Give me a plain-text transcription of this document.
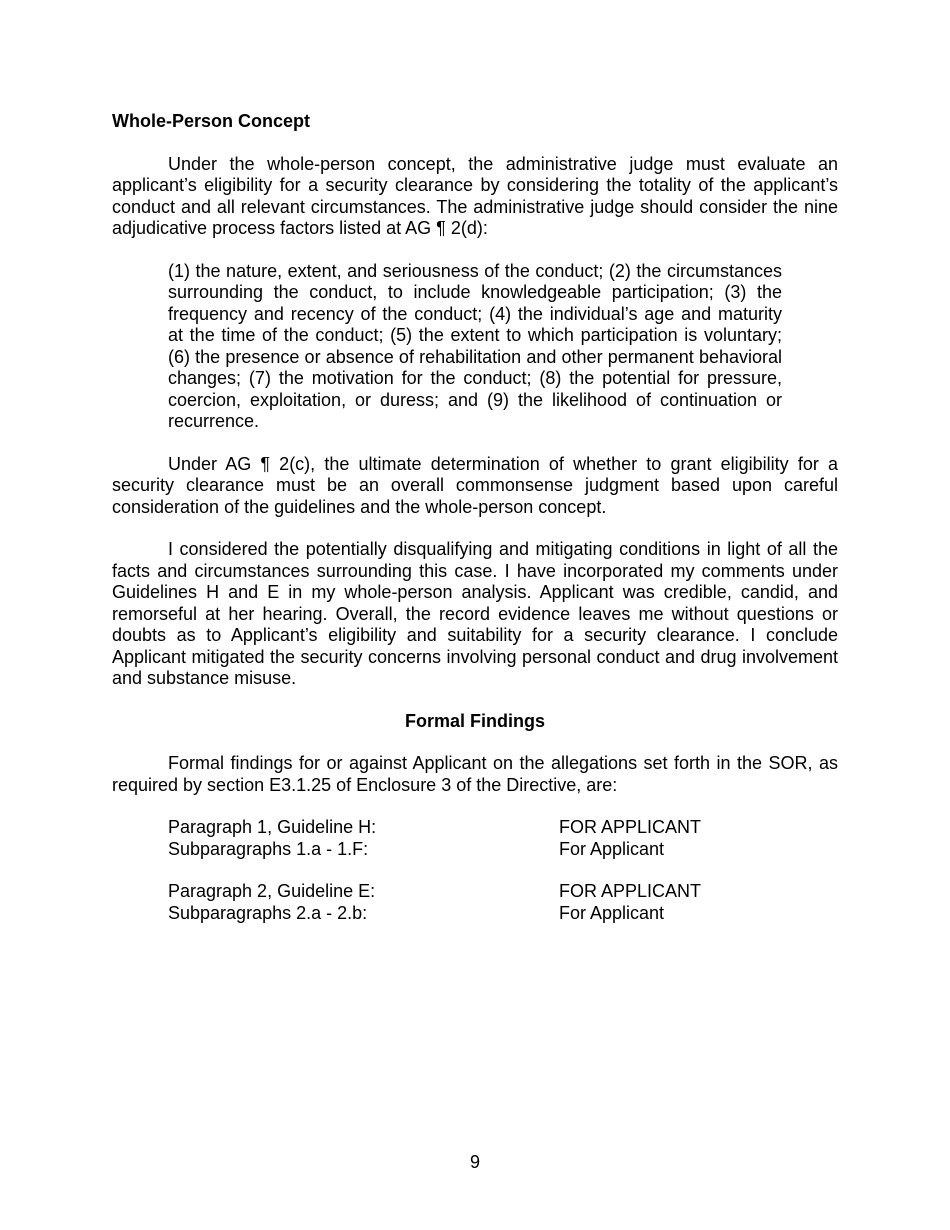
Whole-Person Concept

Under the whole-person concept, the administrative judge must evaluate an applicant’s eligibility for a security clearance by considering the totality of the applicant’s conduct and all relevant circumstances. The administrative judge should consider the nine adjudicative process factors listed at AG ¶ 2(d):

(1) the nature, extent, and seriousness of the conduct; (2) the circumstances surrounding the conduct, to include knowledgeable participation; (3) the frequency and recency of the conduct; (4) the individual’s age and maturity at the time of the conduct; (5) the extent to which participation is voluntary; (6) the presence or absence of rehabilitation and other permanent behavioral changes; (7) the motivation for the conduct; (8) the potential for pressure, coercion, exploitation, or duress; and (9) the likelihood of continuation or recurrence.

Under AG ¶ 2(c), the ultimate determination of whether to grant eligibility for a security clearance must be an overall commonsense judgment based upon careful consideration of the guidelines and the whole-person concept.

I considered the potentially disqualifying and mitigating conditions in light of all the facts and circumstances surrounding this case. I have incorporated my comments under Guidelines H and E in my whole-person analysis. Applicant was credible, candid, and remorseful at her hearing. Overall, the record evidence leaves me without questions or doubts as to Applicant’s eligibility and suitability for a security clearance. I conclude Applicant mitigated the security concerns involving personal conduct and drug involvement and substance misuse.

Formal Findings

Formal findings for or against Applicant on the allegations set forth in the SOR, as required by section E3.1.25 of Enclosure 3 of the Directive, are:

Paragraph 1, Guideline H:	FOR APPLICANT
Subparagraphs 1.a - 1.F:	For Applicant
Paragraph 2, Guideline E:	FOR APPLICANT
Subparagraphs 2.a - 2.b:	For Applicant
9
